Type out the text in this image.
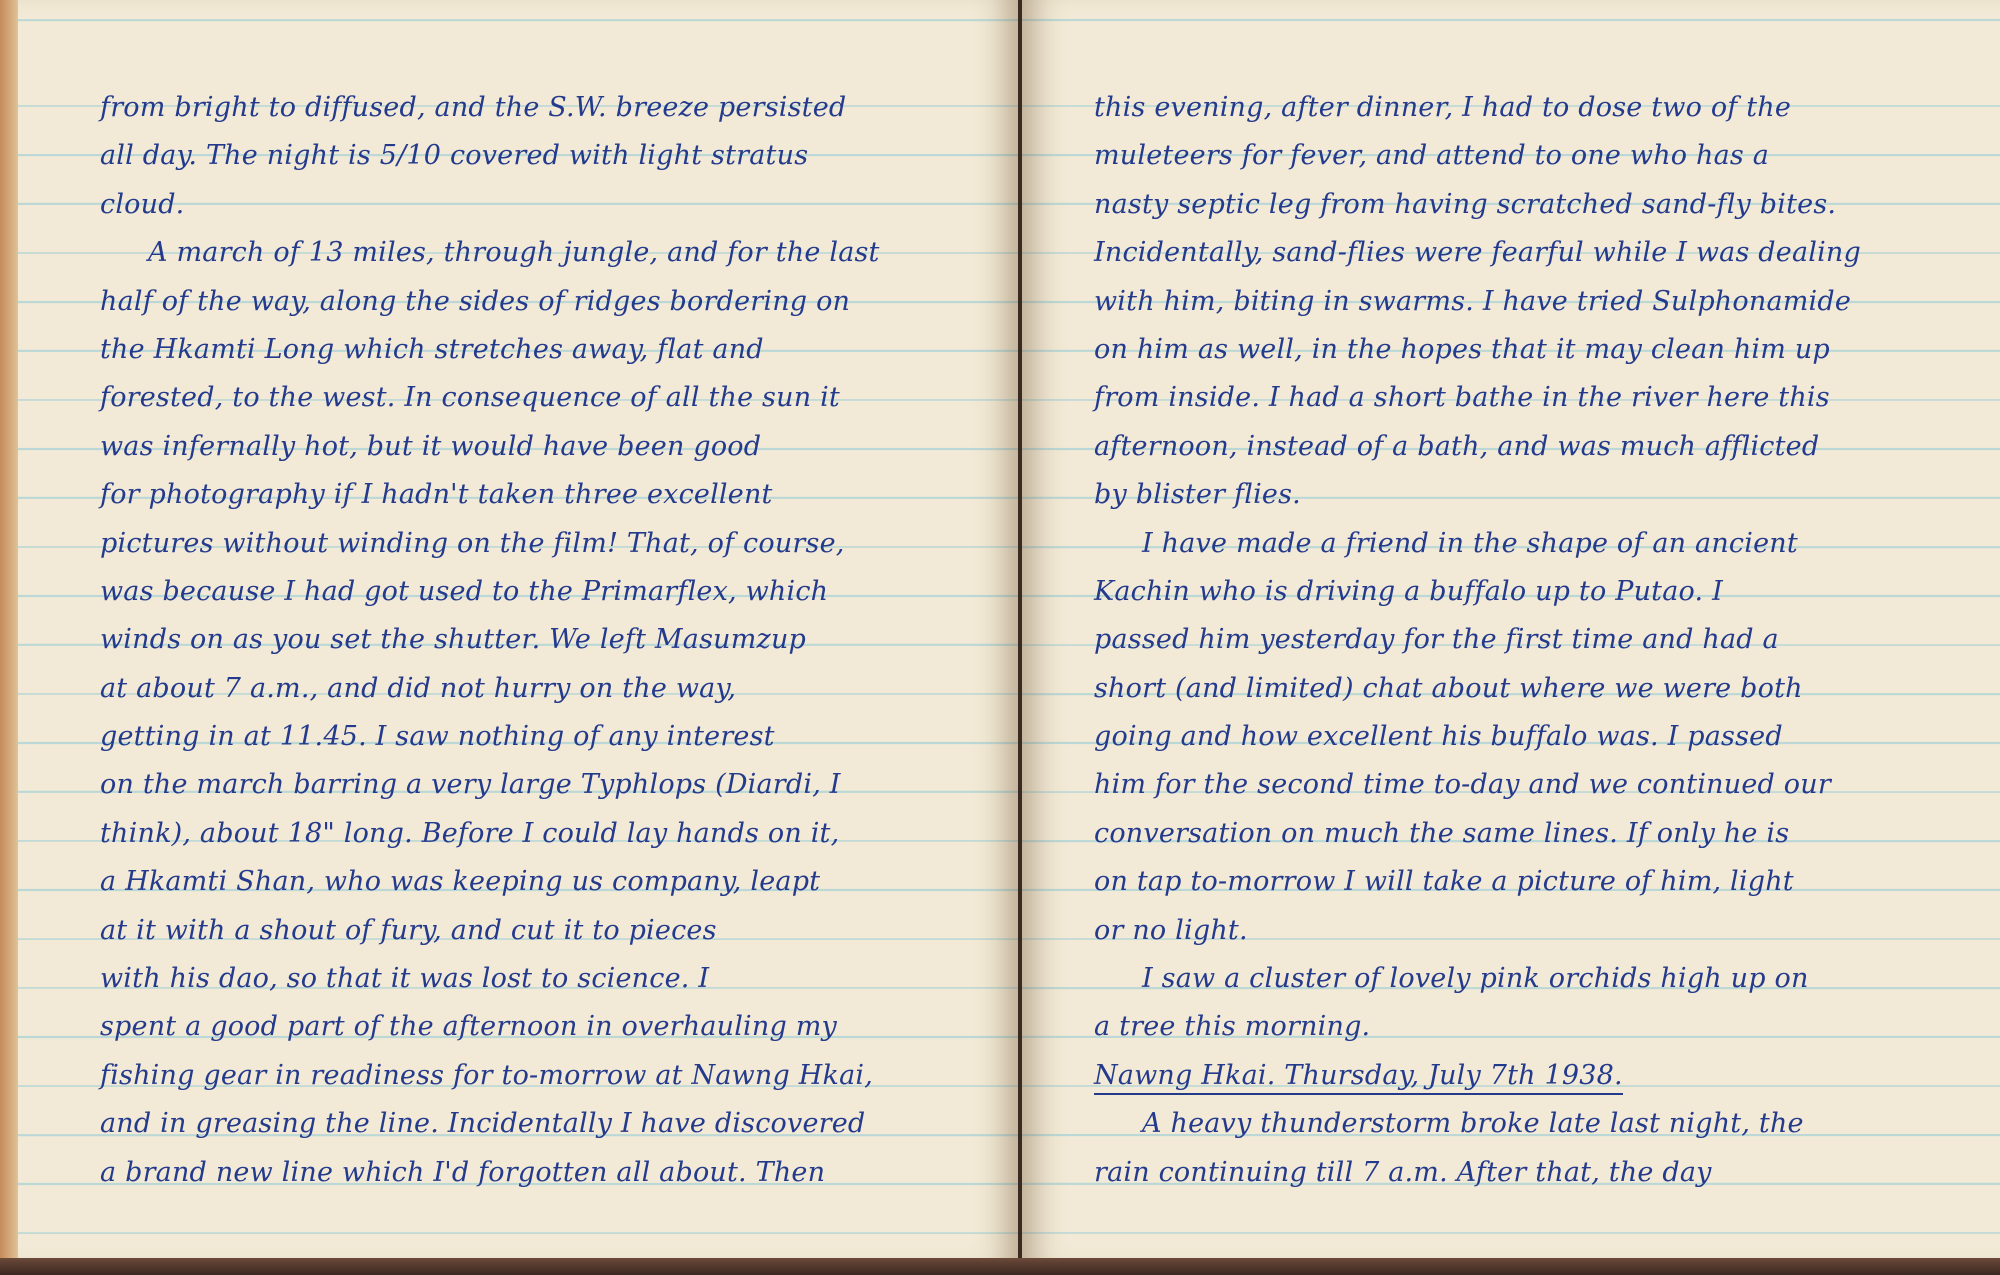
from bright to diffused, and the S.W. breeze persisted
all day. The night is 5/10 covered with light stratus
cloud.
A march of 13 miles, through jungle, and for the last
half of the way, along the sides of ridges bordering on
the Hkamti Long which stretches away, flat and
forested, to the west. In consequence of all the sun it
was infernally hot, but it would have been good
for photography if I hadn't taken three excellent
pictures without winding on the film! That, of course,
was because I had got used to the Primarflex, which
winds on as you set the shutter. We left Masumzup
at about 7 a.m., and did not hurry on the way,
getting in at 11.45. I saw nothing of any interest
on the march barring a very large Typhlops (Diardi, I
think), about 18" long. Before I could lay hands on it,
a Hkamti Shan, who was keeping us company, leapt
at it with a shout of fury, and cut it to pieces
with his dao, so that it was lost to science. I
spent a good part of the afternoon in overhauling my
fishing gear in readiness for to-morrow at Nawng Hkai,
and in greasing the line. Incidentally I have discovered
a brand new line which I'd forgotten all about. Then
this evening, after dinner, I had to dose two of the
muleteers for fever, and attend to one who has a
nasty septic leg from having scratched sand-fly bites.
Incidentally, sand-flies were fearful while I was dealing
with him, biting in swarms. I have tried Sulphonamide
on him as well, in the hopes that it may clean him up
from inside. I had a short bathe in the river here this
afternoon, instead of a bath, and was much afflicted
by blister flies.
I have made a friend in the shape of an ancient
Kachin who is driving a buffalo up to Putao. I
passed him yesterday for the first time and had a
short (and limited) chat about where we were both
going and how excellent his buffalo was. I passed
him for the second time to-day and we continued our
conversation on much the same lines. If only he is
on tap to-morrow I will take a picture of him, light
or no light.
I saw a cluster of lovely pink orchids high up on
a tree this morning.
Nawng Hkai. Thursday, July 7th 1938.
A heavy thunderstorm broke late last night, the
rain continuing till 7 a.m. After that, the day
